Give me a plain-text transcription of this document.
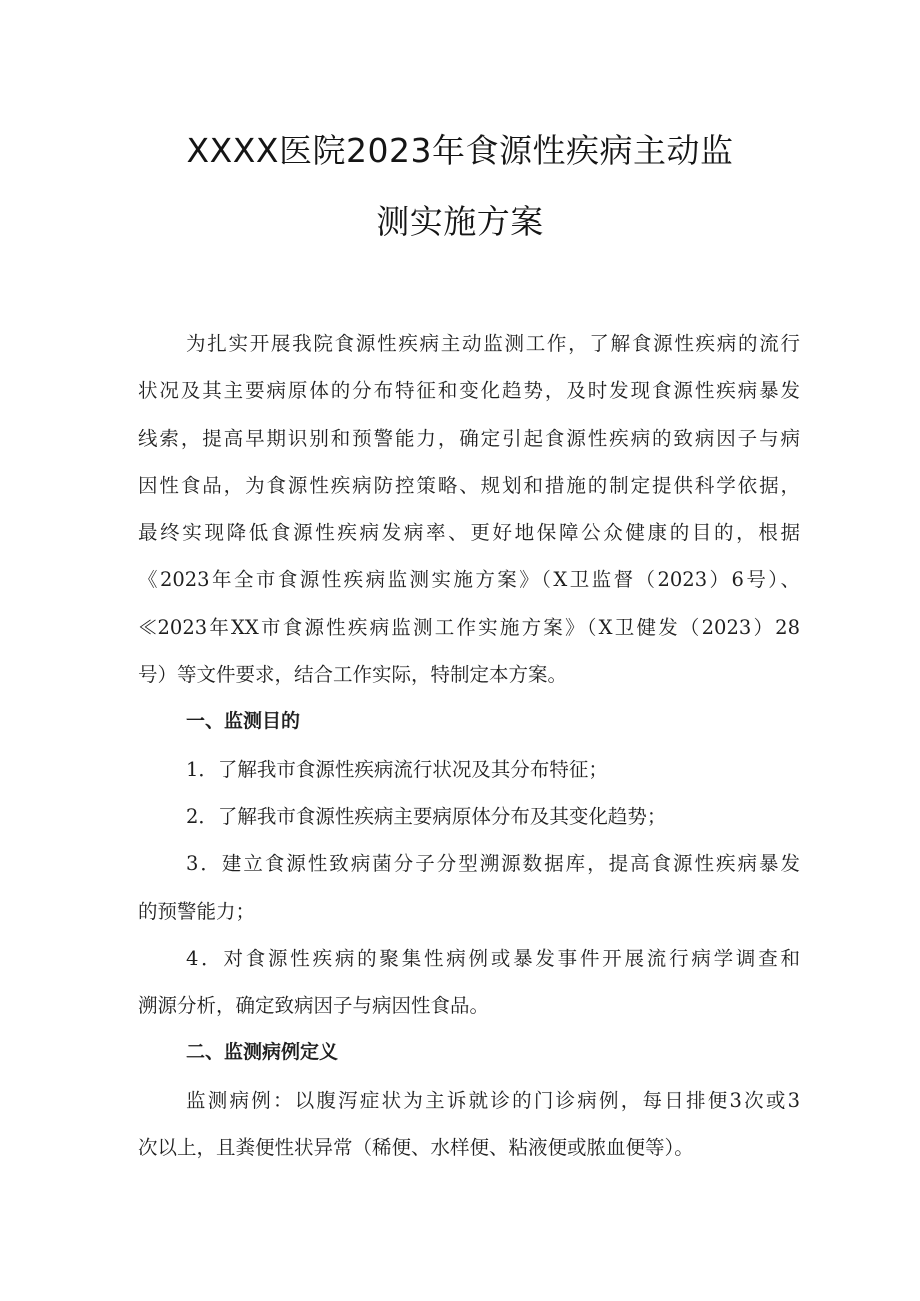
XXXX医院2023年食源性疾病主动监
测实施方案
为扎实开展我院食源性疾病主动监测工作，了解食源性疾病的流行
状况及其主要病原体的分布特征和变化趋势，及时发现食源性疾病暴发
线索，提高早期识别和预警能力，确定引起食源性疾病的致病因子与病
因性食品，为食源性疾病防控策略、规划和措施的制定提供科学依据，
最终实现降低食源性疾病发病率、更好地保障公众健康的目的，根据
《2023年全市食源性疾病监测实施方案》（X卫监督（2023）6号）、
≪2023年XX市食源性疾病监测工作实施方案》（X卫健发（2023）28
号）等文件要求，结合工作实际，特制定本方案。
一、监测目的
1．了解我市食源性疾病流行状况及其分布特征；
2．了解我市食源性疾病主要病原体分布及其变化趋势；
3．建立食源性致病菌分子分型溯源数据库，提高食源性疾病暴发
的预警能力；
4．对食源性疾病的聚集性病例或暴发事件开展流行病学调查和
溯源分析，确定致病因子与病因性食品。
二、监测病例定义
监测病例：以腹泻症状为主诉就诊的门诊病例，每日排便3次或3
次以上，且粪便性状异常（稀便、水样便、粘液便或脓血便等）。
